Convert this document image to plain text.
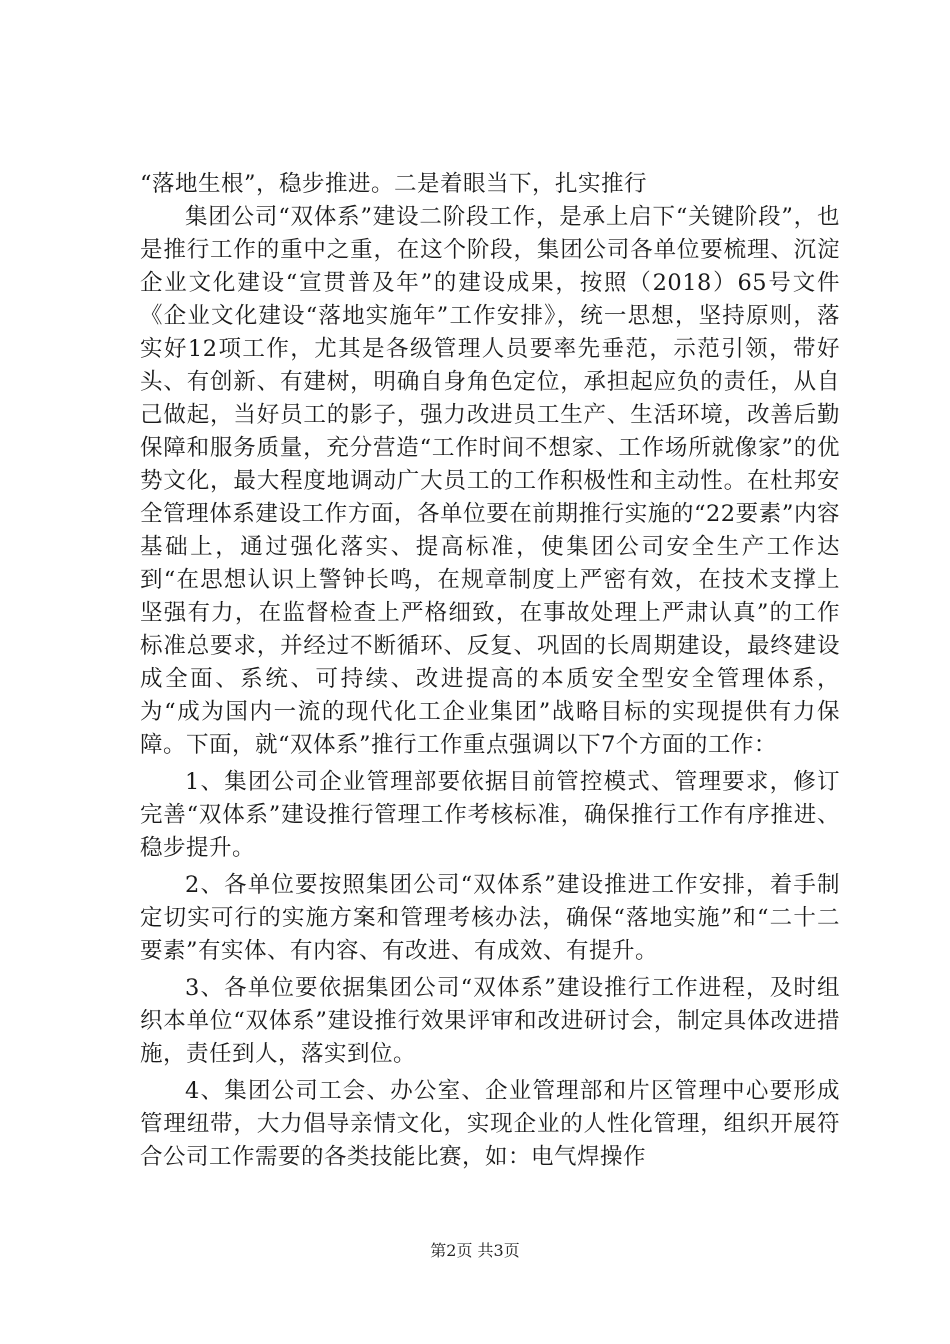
“落地生根”，稳步推进。二是着眼当下，扎实推行

集团公司“双体系”建设二阶段工作，是承上启下“关键阶段”，也是推行工作的重中之重，在这个阶段，集团公司各单位要梳理、沉淀企业文化建设“宣贯普及年”的建设成果，按照（2018）65号文件《企业文化建设“落地实施年”工作安排》，统一思想，坚持原则，落实好12项工作，尤其是各级管理人员要率先垂范，示范引领，带好头、有创新、有建树，明确自身角色定位，承担起应负的责任，从自己做起，当好员工的影子，强力改进员工生产、生活环境，改善后勤保障和服务质量，充分营造“工作时间不想家、工作场所就像家”的优势文化，最大程度地调动广大员工的工作积极性和主动性。在杜邦安全管理体系建设工作方面，各单位要在前期推行实施的“22要素”内容基础上，通过强化落实、提高标准，使集团公司安全生产工作达到“在思想认识上警钟长鸣，在规章制度上严密有效，在技术支撑上坚强有力，在监督检查上严格细致，在事故处理上严肃认真”的工作标准总要求，并经过不断循环、反复、巩固的长周期建设，最终建设成全面、系统、可持续、改进提高的本质安全型安全管理体系，为“成为国内一流的现代化工企业集团”战略目标的实现提供有力保障。下面，就“双体系”推行工作重点强调以下7个方面的工作：

1、集团公司企业管理部要依据目前管控模式、管理要求，修订完善“双体系”建设推行管理工作考核标准，确保推行工作有序推进、稳步提升。

2、各单位要按照集团公司“双体系”建设推进工作安排，着手制定切实可行的实施方案和管理考核办法，确保“落地实施”和“二十二要素”有实体、有内容、有改进、有成效、有提升。

3、各单位要依据集团公司“双体系”建设推行工作进程，及时组织本单位“双体系”建设推行效果评审和改进研讨会，制定具体改进措施，责任到人，落实到位。

4、集团公司工会、办公室、企业管理部和片区管理中心要形成管理纽带，大力倡导亲情文化，实现企业的人性化管理，组织开展符合公司工作需要的各类技能比赛，如：电气焊操作

第2页 共3页
